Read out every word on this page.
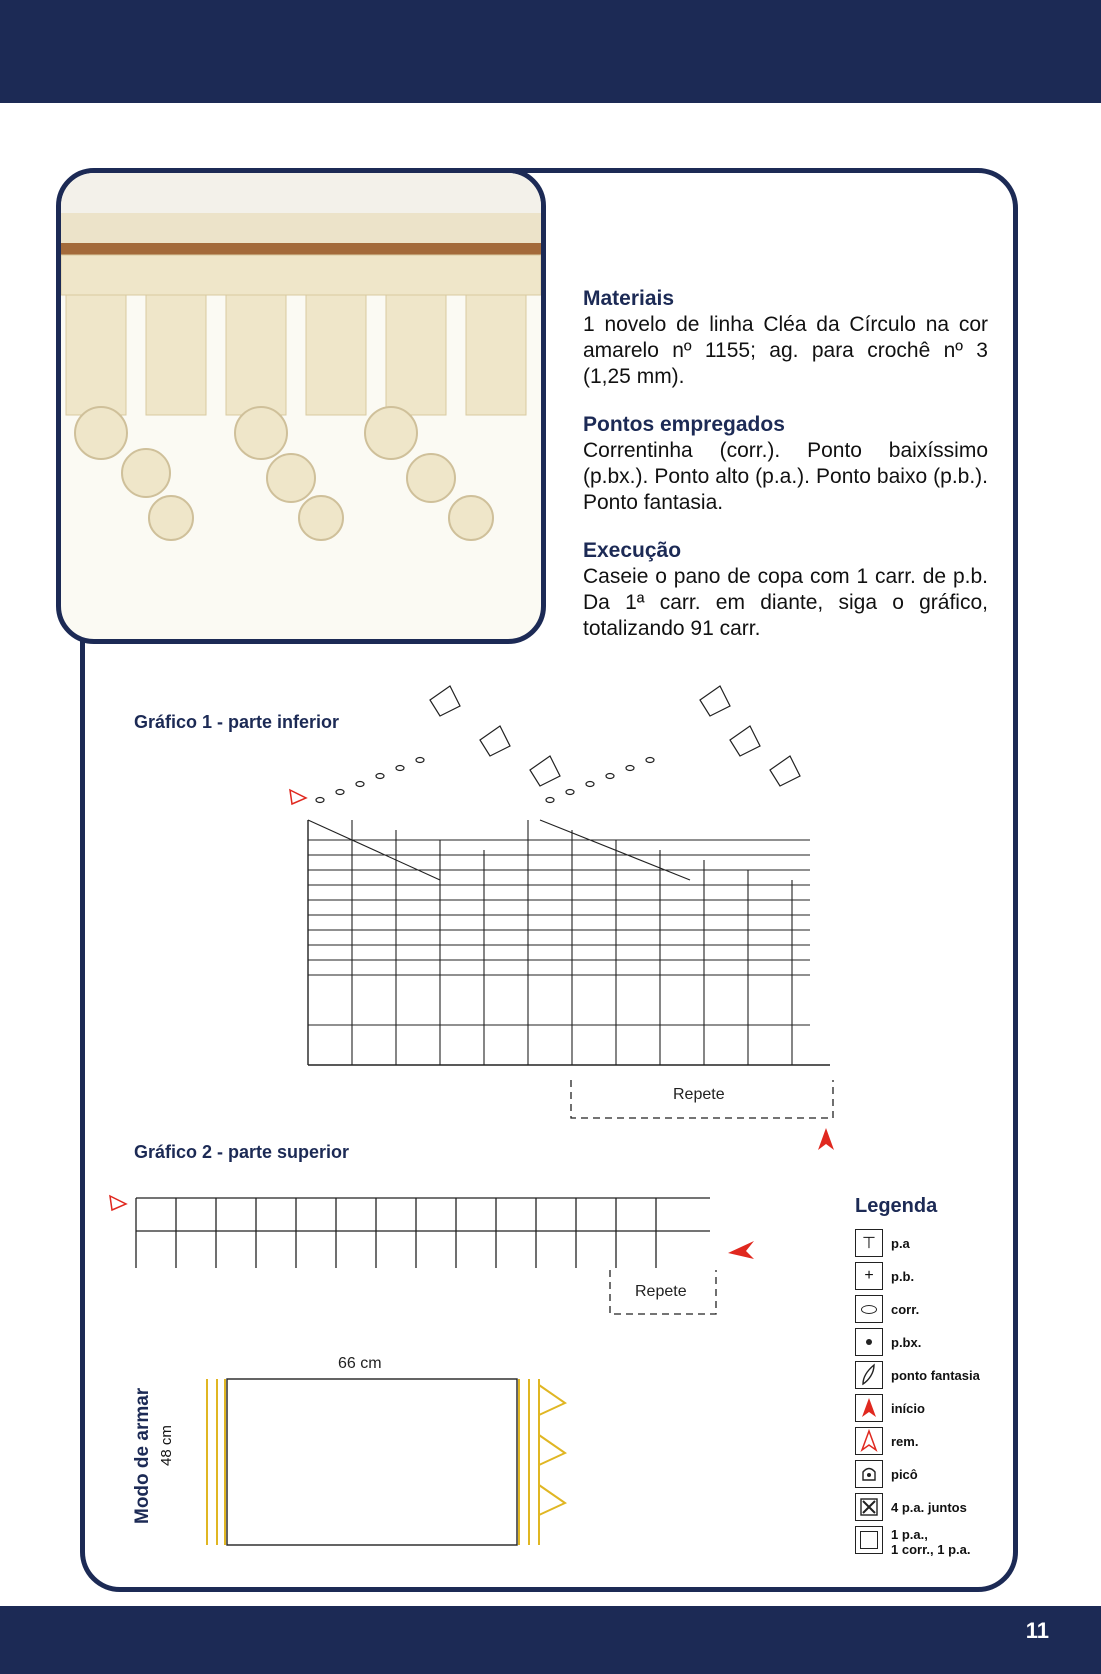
Materiais

1 novelo de linha Cléa da Círculo na cor amarelo nº 1155; ag. para crochê nº 3 (1,25 mm).

Pontos empregados

Correntinha (corr.). Ponto baixíssimo (p.bx.). Ponto alto (p.a.). Ponto baixo (p.b.). Ponto fantasia.

Execução

Caseie o pano de copa com 1 carr. de p.b. Da 1ª carr. em diante, siga o gráfico, totalizando 91 carr.

Gráfico 1 - parte inferior
Repete
Gráfico 2 - parte superior
Repete
Modo de armar 48 cm
66 cm
Legenda
⊤ p.a
+ p.b.
corr.
p.bx.
ponto fantasia
início
rem.
picô
4 p.a. juntos
1 p.a.,
1 corr., 1 p.a.
11
